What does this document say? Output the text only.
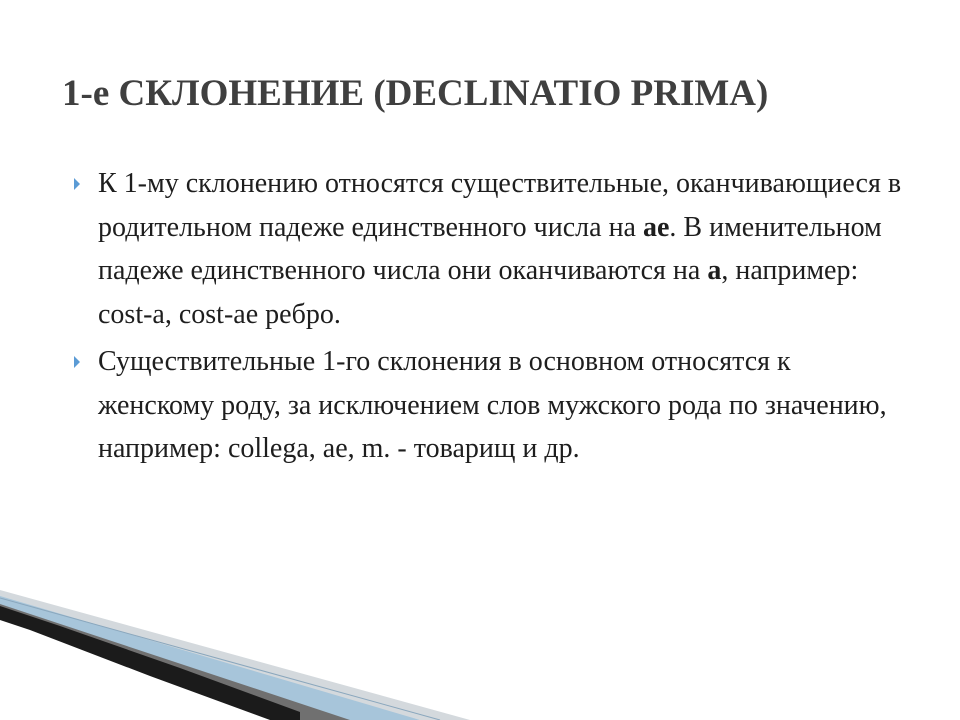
1-е СКЛОНЕНИЕ (DECLINATIO PRIMA)
К 1-му склонению относятся существительные, оканчивающиеся в родительном падеже единственного числа на ae. В именительном падеже единственного числа они оканчиваются на a, например: cost-a, cost-ae ребро.
Существительные 1-го склонения в основном относятся к женскому роду, за исключением слов мужского рода по значению, например: collega, ae, m. - товарищ и др.
